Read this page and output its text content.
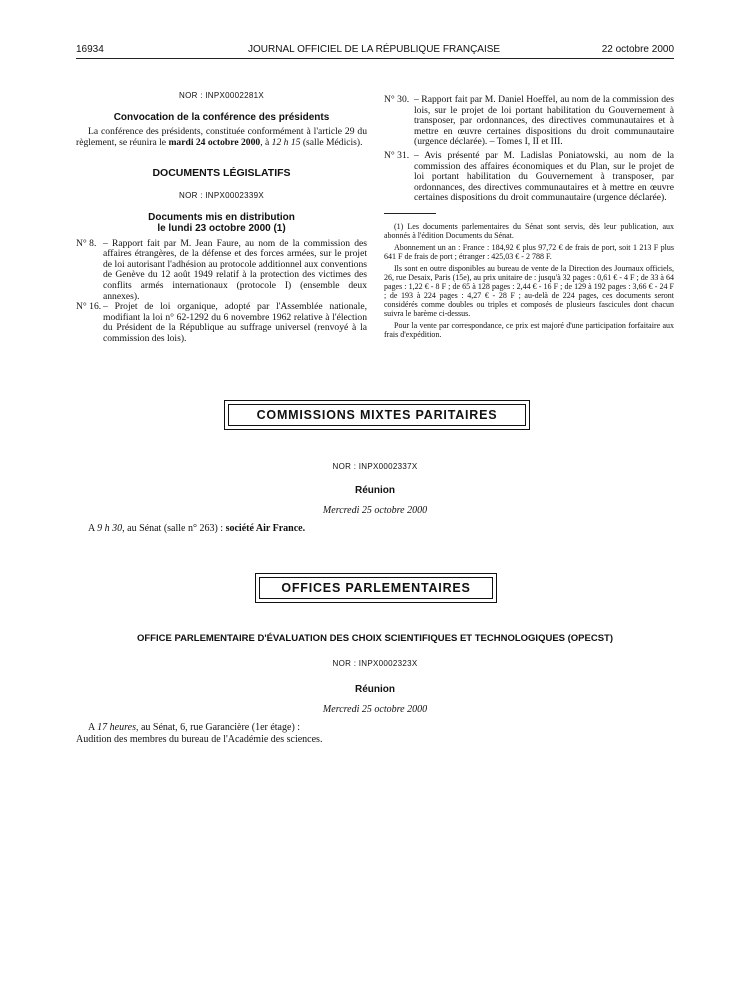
16934	JOURNAL OFFICIEL DE LA RÉPUBLIQUE FRANÇAISE	22 octobre 2000
NOR : INPX0002281X
Convocation de la conférence des présidents

La conférence des présidents, constituée conformément à l'article 29 du règlement, se réunira le mardi 24 octobre 2000, à 12 h 15 (salle Médicis).

DOCUMENTS LÉGISLATIFS
NOR : INPX0002339X
Documents mis en distribution
le lundi 23 octobre 2000 (1)

N° 8. – Rapport fait par M. Jean Faure, au nom de la commission des affaires étrangères, de la défense et des forces armées, sur le projet de loi autorisant l'adhésion au protocole additionnel aux conventions de Genève du 12 août 1949 relatif à la protection des victimes des conflits armés internationaux (protocole I) (ensemble deux annexes).

N° 16. – Projet de loi organique, adopté par l'Assemblée nationale, modifiant la loi n° 62-1292 du 6 novembre 1962 relative à l'élection du Président de la République au suffrage universel (renvoyé à la commission des lois).

N° 30. – Rapport fait par M. Daniel Hoeffel, au nom de la commission des lois, sur le projet de loi portant habilitation du Gouvernement à transposer, par ordonnances, des directives communautaires et à mettre en œuvre certaines dispositions du droit communautaire (urgence déclarée). – Tomes I, II et III.

N° 31. – Avis présenté par M. Ladislas Poniatowski, au nom de la commission des affaires économiques et du Plan, sur le projet de loi portant habilitation du Gouvernement à transposer, par ordonnances, des directives communautaires et à mettre en œuvre certaines dispositions du droit communautaire (urgence déclarée).

(1) Les documents parlementaires du Sénat sont servis, dès leur publication, aux abonnés à l'édition Documents du Sénat.

Abonnement un an : France : 184,92 € plus 97,72 € de frais de port, soit 1 213 F plus 641 F de frais de port ; étranger : 425,03 € - 2 788 F.

Ils sont en outre disponibles au bureau de vente de la Direction des Journaux officiels, 26, rue Desaix, Paris (15e), au prix unitaire de : jusqu'à 32 pages : 0,61 € - 4 F ; de 33 à 64 pages : 1,22 € - 8 F ; de 65 à 128 pages : 2,44 € - 16 F ; de 129 à 192 pages : 3,66 € - 24 F ; de 193 à 224 pages : 4,27 € - 28 F ; au-delà de 224 pages, ces documents seront considérés comme doubles ou triples et composés de plusieurs fascicules dont chacun suivra le barème ci-dessus.

Pour la vente par correspondance, ce prix est majoré d'une participation forfaitaire aux frais d'expédition.

COMMISSIONS MIXTES PARITAIRES
NOR : INPX0002337X
Réunion
Mercredi 25 octobre 2000
A 9 h 30, au Sénat (salle n° 263) : société Air France.
OFFICES PARLEMENTAIRES
OFFICE PARLEMENTAIRE D'ÉVALUATION DES CHOIX SCIENTIFIQUES ET TECHNOLOGIQUES (OPECST)
NOR : INPX0002323X
Réunion
Mercredi 25 octobre 2000
A 17 heures, au Sénat, 6, rue Garancière (1er étage) :
Audition des membres du bureau de l'Académie des sciences.
